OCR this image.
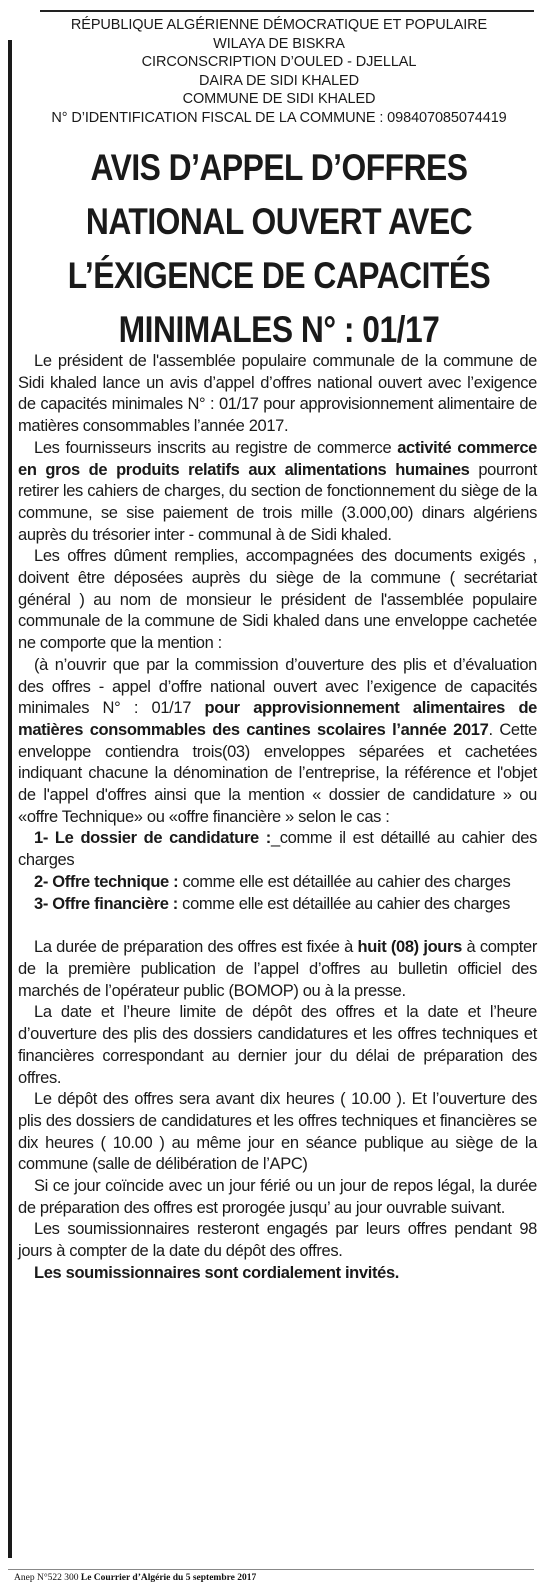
RÉPUBLIQUE ALGÉRIENNE DÉMOCRATIQUE ET POPULAIRE
WILAYA DE BISKRA
CIRCONSCRIPTION D’OULED - DJELLAL
DAIRA DE SIDI KHALED
COMMUNE DE SIDI KHALED
N° D’IDENTIFICATION FISCAL DE LA COMMUNE : 098407085074419
AVIS D’APPEL D’OFFRES
NATIONAL OUVERT AVEC
L’ÉXIGENCE DE CAPACITÉS
MINIMALES N° : 01/17

Le président de l'assemblée populaire communale de la commune de Sidi khaled lance un avis d’appel d’offres national ouvert avec l’exigence de capacités minimales N° : 01/17 pour approvisionnement alimentaire de matières consommables l’année 2017.

Les fournisseurs inscrits au registre de commerce activité commerce en gros de produits relatifs aux alimentations humaines pourront retirer les cahiers de charges, du section de fonctionnement du siège de la commune, se sise paiement de trois mille (3.000,00) dinars algériens auprès du trésorier inter - communal à de Sidi khaled.

Les offres dûment remplies, accompagnées des documents exigés , doivent être déposées auprès du siège de la commune ( secrétariat général ) au nom de monsieur le président de l'assemblée populaire communale de la commune de Sidi khaled dans une enveloppe cachetée ne comporte que la mention :

(à n’ouvrir que par la commission d’ouverture des plis et d’évaluation des offres - appel d’offre national ouvert avec l’exigence de capacités minimales N° : 01/17 pour approvisionnement alimentaires de matières consommables des cantines scolaires l’année 2017. Cette enveloppe contiendra trois(03) enveloppes séparées et cachetées indiquant chacune la dénomination de l’entreprise, la référence et l'objet de l'appel d'offres ainsi que la mention « dossier de candidature » ou «offre Technique» ou «offre financière » selon le cas :

1- Le dossier de candidature :_comme il est détaillé au cahier des charges

2- Offre technique : comme elle est détaillée au cahier des charges

3- Offre financière : comme elle est détaillée au cahier des charges

La durée de préparation des offres est fixée à huit (08) jours à compter de la première publication de l’appel d’offres au bulletin officiel des marchés de l’opérateur public (BOMOP) ou à la presse.

La date et l’heure limite de dépôt des offres et la date et l’heure d’ouverture des plis des dossiers candidatures et les offres techniques et financières correspondant au dernier jour du délai de préparation des offres.

Le dépôt des offres sera avant dix heures ( 10.00 ). Et l’ouverture des plis des dossiers de candidatures et les offres techniques et financières se dix heures ( 10.00 ) au même jour en séance publique au siège de la commune (salle de délibération de l’APC)

Si ce jour coïncide avec un jour férié ou un jour de repos légal, la durée de préparation des offres est prorogée jusqu’ au jour ouvrable suivant.

Les soumissionnaires resteront engagés par leurs offres pendant 98 jours à compter de la date du dépôt des offres.

Les soumissionnaires sont cordialement invités.

Anep N°522 300 Le Courrier d’Algérie du 5 septembre 2017
